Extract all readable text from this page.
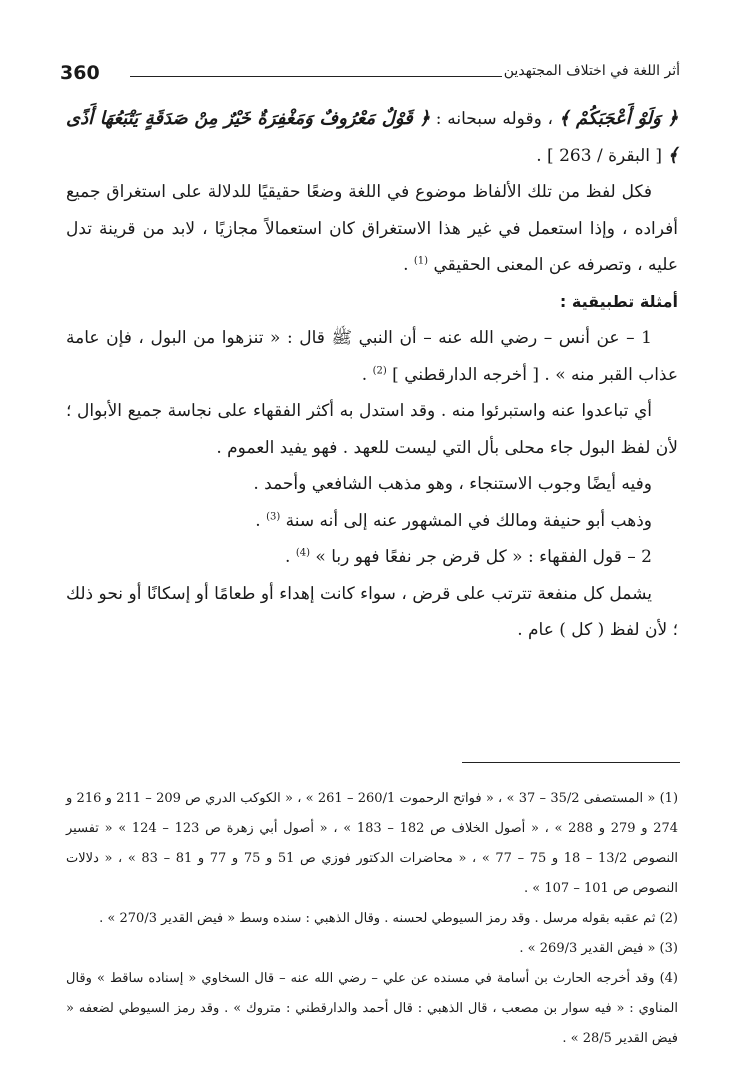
360	أثر اللغة في اختلاف المجتهدين

﴿ وَلَوْ أَعْجَبَكُمْ ﴾ ، وقوله سبحانه : ﴿ قَوْلٌ مَعْرُوفٌ وَمَغْفِرَةٌ خَيْرٌ مِنْ صَدَقَةٍ يَتْبَعُهَا أَذًى ﴾ [ البقرة / 263 ] .

فكل لفظ من تلك الألفاظ موضوع في اللغة وضعًا حقيقيًا للدلالة على استغراق جميع أفراده ، وإذا استعمل في غير هذا الاستغراق كان استعمالاً مجازيًا ، لابد من قرينة تدل عليه ، وتصرفه عن المعنى الحقيقي $^{(1)}$ .

أمثلة تطبيقية :

1 – عن أنس – رضي الله عنه – أن النبي ﷺ قال : « تنزهوا من البول ، فإن عامة عذاب القبر منه » . [ أخرجه الدارقطني ] $^{(2)}$ .

أي تباعدوا عنه واستبرئوا منه . وقد استدل به أكثر الفقهاء على نجاسة جميع الأبوال ؛ لأن لفظ البول جاء محلى بأل التي ليست للعهد . فهو يفيد العموم .

وفيه أيضًا وجوب الاستنجاء ، وهو مذهب الشافعي وأحمد .

وذهب أبو حنيفة ومالك في المشهور عنه إلى أنه سنة $^{(3)}$ .

2 – قول الفقهاء : « كل قرض جر نفعًا فهو ربا » $^{(4)}$ .

يشمل كل منفعة تترتب على قرض ، سواء كانت إهداء أو طعامًا أو إسكانًا أو نحو ذلك ؛ لأن لفظ ( كل ) عام .

(1) « المستصفى 35/2 – 37 » ، « فواتح الرحموت 260/1 – 261 » ، « الكوكب الدري ص 209 – 211 و 216 و 274 و 279 و 288 » ، « أصول الخلاف ص 182 – 183 » ، « أصول أبي زهرة ص 123 – 124 » « تفسير النصوص 13/2 – 18 و 75 – 77 » ، « محاضرات الدكتور فوزي ص 51 و 75 و 77 و 81 – 83 » ، « دلالات النصوص ص 101 – 107 » .

(2) ثم عقبه بقوله مرسل . وقد رمز السيوطي لحسنه . وقال الذهبي : سنده وسط « فيض القدير 270/3 » .

(3) « فيض القدير 269/3 » .

(4) وقد أخرجه الحارث بن أسامة في مسنده عن علي – رضي الله عنه – قال السخاوي « إسناده ساقط » وقال المناوي : « فيه سوار بن مصعب ، قال الذهبي : قال أحمد والدارقطني : متروك » . وقد رمز السيوطي لضعفه « فيض القدير 28/5 » .
